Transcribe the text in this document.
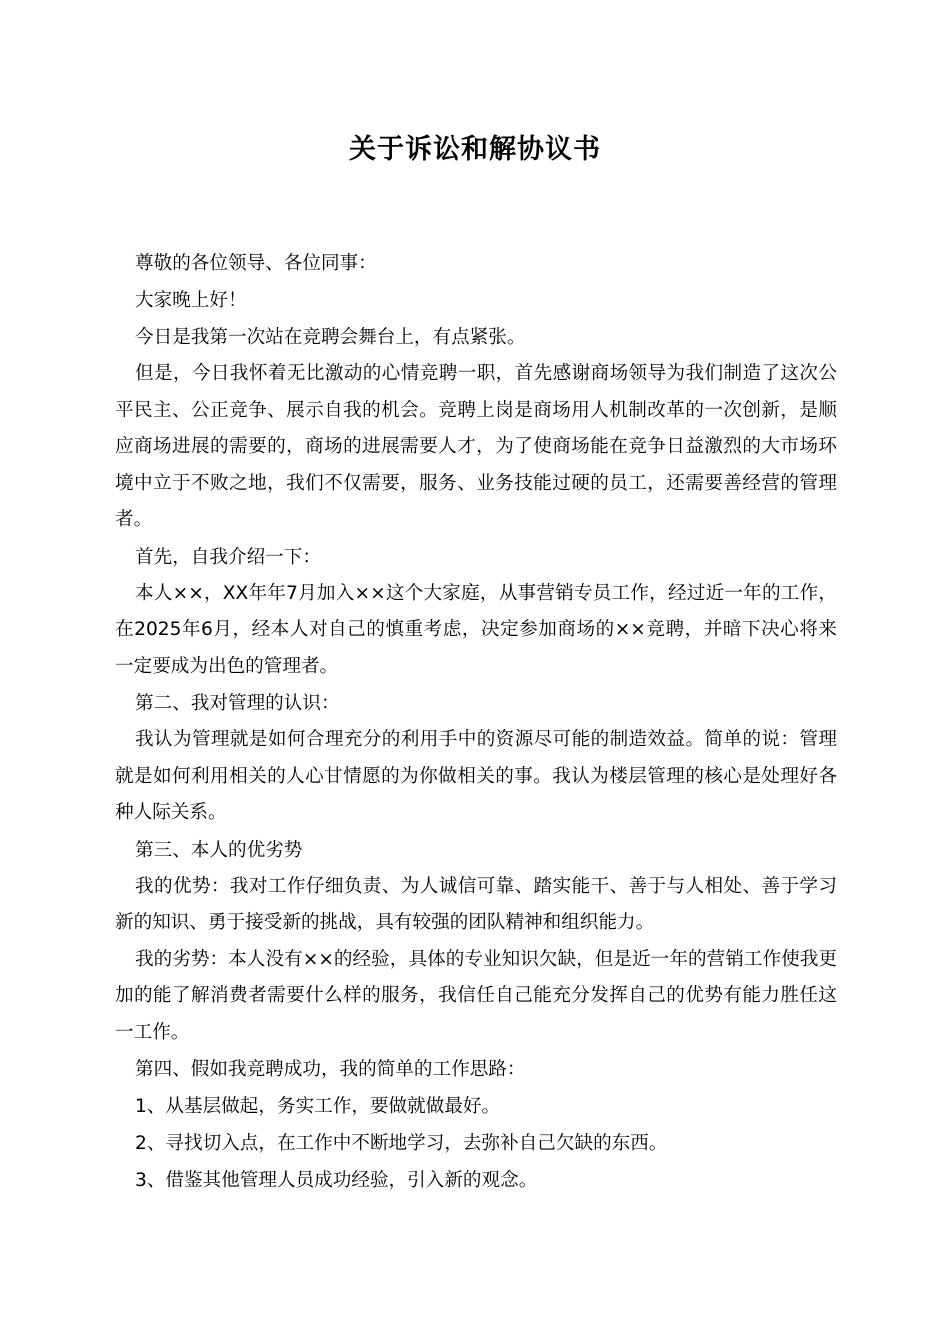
关于诉讼和解协议书

尊敬的各位领导、各位同事：

大家晚上好！

今日是我第一次站在竞聘会舞台上，有点紧张。

但是，今日我怀着无比激动的心情竞聘一职，首先感谢商场领导为我们制造了这次公平民主、公正竞争、展示自我的机会。竞聘上岗是商场用人机制改革的一次创新，是顺应商场进展的需要的，商场的进展需要人才，为了使商场能在竞争日益激烈的大市场环境中立于不败之地，我们不仅需要，服务、业务技能过硬的员工，还需要善经营的管理者。

首先，自我介绍一下：

本人××，XX年年7月加入××这个大家庭，从事营销专员工作，经过近一年的工作，在2025年6月，经本人对自己的慎重考虑，决定参加商场的××竞聘，并暗下决心将来一定要成为出色的管理者。

第二、我对管理的认识：

我认为管理就是如何合理充分的利用手中的资源尽可能的制造效益。简单的说：管理就是如何利用相关的人心甘情愿的为你做相关的事。我认为楼层管理的核心是处理好各种人际关系。

第三、本人的优劣势

我的优势：我对工作仔细负责、为人诚信可靠、踏实能干、善于与人相处、善于学习新的知识、勇于接受新的挑战，具有较强的团队精神和组织能力。

我的劣势：本人没有××的经验，具体的专业知识欠缺，但是近一年的营销工作使我更加的能了解消费者需要什么样的服务，我信任自己能充分发挥自己的优势有能力胜任这一工作。

第四、假如我竞聘成功，我的简单的工作思路：

1、从基层做起，务实工作，要做就做最好。

2、寻找切入点，在工作中不断地学习，去弥补自己欠缺的东西。

3、借鉴其他管理人员成功经验，引入新的观念。
